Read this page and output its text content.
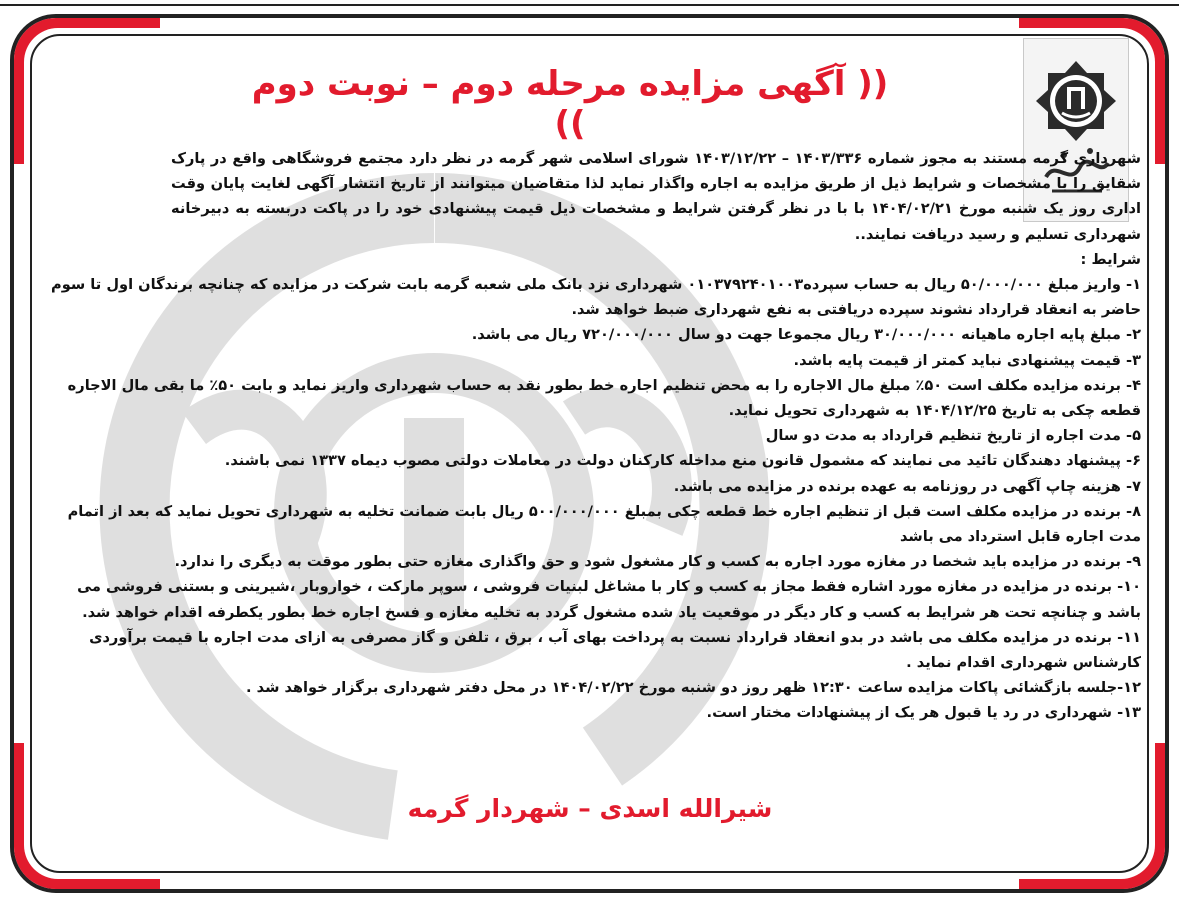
(( آگهی مزایده مرحله دوم – نوبت دوم ))

شهرداری گرمه مستند به مجوز شماره ۱۴۰۳/۳۳۶ – ۱۴۰۳/۱۲/۲۲ شورای اسلامی شهر گرمه در نظر دارد مجتمع فروشگاهی واقع در پارک شقایق را با مشخصات و شرایط ذیل از طریق مزایده به اجاره واگذار نماید لذا متقاضیان میتوانند از تاریخ انتشار آگهی لغایت پایان وقت اداری روز یک شنبه مورخ ۱۴۰۴/۰۲/۲۱ با با در نظر گرفتن شرایط و مشخصات ذیل قیمت پیشنهادی خود را در پاکت دربسته به دبیرخانه شهرداری تسلیم و رسید دریافت نمایند..

شرایط :

۱- واریز مبلغ ۵۰/۰۰۰/۰۰۰ ریال به حساب سپرده۰۱۰۳۷۹۲۴۰۱۰۰۳ شهرداری نزد بانک ملی شعبه گرمه بابت شرکت در مزایده که چنانچه برندگان اول تا سوم حاضر به انعقاد قرارداد نشوند سپرده دریافتی به نفع شهرداری ضبط خواهد شد.

۲- مبلغ پایه اجاره ماهیانه ۳۰/۰۰۰/۰۰۰ ریال مجموعا جهت دو سال ۷۲۰/۰۰۰/۰۰۰ ریال می باشد.

۳- قیمت پیشنهادی نباید کمتر از قیمت پایه باشد.

۴- برنده مزایده مکلف است ۵۰٪ مبلغ مال الاجاره را به محض تنظیم اجاره خط بطور نقد به حساب شهرداری واریز نماید و بابت ۵۰٪ ما بقی مال الاجاره قطعه چکی به تاریخ ۱۴۰۴/۱۲/۲۵ به شهرداری تحویل نماید.

۵- مدت اجاره از تاریخ تنظیم قرارداد به مدت دو سال

۶- پیشنهاد دهندگان تائید می نمایند که مشمول قانون منع مداخله کارکنان دولت در معاملات دولتی مصوب دیماه ۱۳۳۷ نمی باشند.

۷- هزینه چاپ آگهی در روزنامه به عهده برنده در مزایده می باشد.

۸- برنده در مزایده مکلف است قبل از تنظیم اجاره خط قطعه چکی بمبلغ ۵۰۰/۰۰۰/۰۰۰ ریال بابت ضمانت تخلیه به شهرداری تحویل نماید که بعد از اتمام مدت اجاره قابل استرداد می باشد

۹- برنده در مزایده باید شخصا در مغازه مورد اجاره به کسب و کار مشغول شود و حق واگذاری مغازه حتی بطور موقت به دیگری را ندارد.

۱۰- برنده در مزایده در مغازه مورد اشاره فقط مجاز به کسب و کار با مشاغل لبنیات فروشی ، سوپر مارکت ، خواروبار ،شیرینی و بستنی فروشی می باشد و چنانچه تحت هر شرایط به کسب و کار دیگر در موقعیت یاد شده مشغول گردد به تخلیه مغازه و فسخ اجاره خط بطور یکطرفه اقدام خواهد شد.

۱۱- برنده در مزایده مکلف می باشد در بدو انعقاد قرارداد نسبت به پرداخت بهای آب ، برق ، تلفن و گاز مصرفی به ازای مدت اجاره با قیمت برآوردی کارشناس شهرداری اقدام نماید .

۱۲-جلسه بازگشائی پاکات مزایده ساعت ۱۲:۳۰ ظهر روز دو شنبه مورخ ۱۴۰۴/۰۲/۲۲ در محل دفتر شهرداری برگزار خواهد شد .

۱۳- شهرداری در رد یا قبول هر یک از پیشنهادات مختار است.

شیرالله اسدی – شهردار گرمه
